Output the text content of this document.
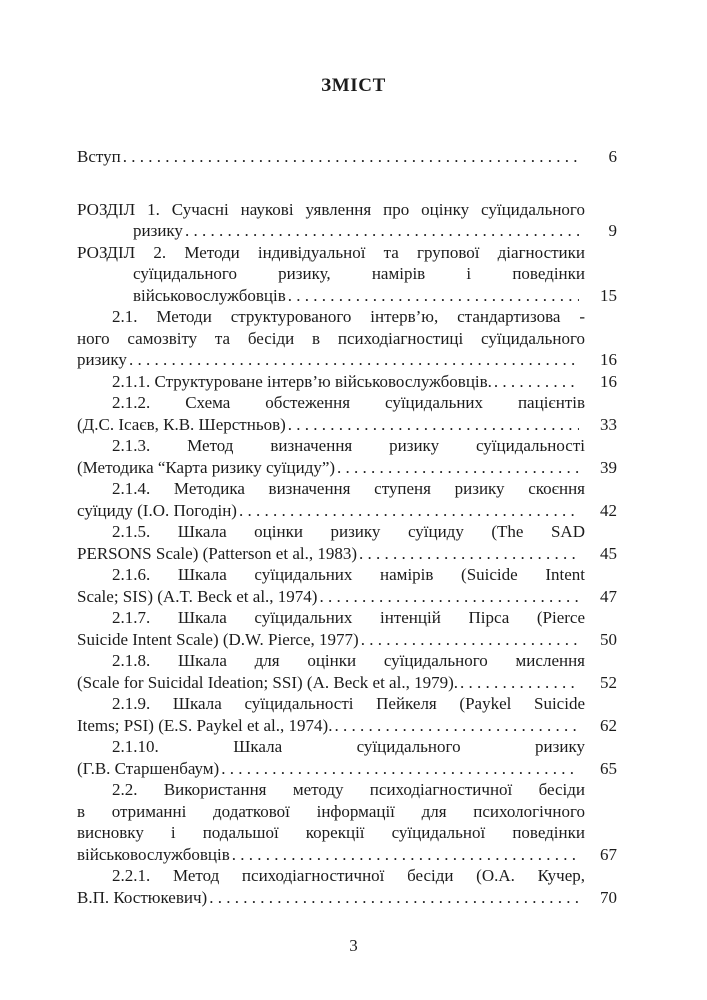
ЗМІСТ
Вступ . . .	6
РОЗДІЛ 1. Сучасні наукові уявлення про оцінку суїцидального
ризику . . .	9
РОЗДІЛ 2. Методи індивідуальної та групової діагностики
суїцидального ризику, намірів і поведінки
військовослужбовців . . .	15
2.1. Методи структурованого інтерв’ю, стандартизова -
ного самозвіту та бесіди в психодіагностиці суїцидального
ризику . . .	16
2.1.1. Структуроване інтерв’ю військовослужбовців. . . .	16
2.1.2. Схема обстеження суїцидальних пацієнтів
(Д.С. Ісаєв, К.В. Шерстньов) . . .	33
2.1.3. Метод визначення ризику суїцидальності
(Методика “Карта ризику суїциду”) . . .	39
2.1.4. Методика визначення ступеня ризику скоєння
суїциду (І.О. Погодін) . . .	42
2.1.5. Шкала оцінки ризику суїциду (The SAD
PERSONS Scale) (Patterson et al., 1983) . . .	45
2.1.6. Шкала суїцидальних намірів (Suicide Intent
Scale; SIS) (A.T. Beck et al., 1974) . . .	47
2.1.7. Шкала суїцидальних інтенцій Пірса (Pierce
Suicide Intent Scale) (D.W. Pierce, 1977) . . .	50
2.1.8. Шкала для оцінки суїцидального мислення
(Scale for Suicidal Ideation; SSI) (A. Beck et al., 1979). . . .	52
2.1.9. Шкала суїцидальності Пейкеля (Paykel Suicide
Items; PSI) (E.S. Paykel et al., 1974). . . .	62
2.1.10. Шкала суїцидального ризику
(Г.В. Старшенбаум) . . .	65
2.2. Використання методу психодіагностичної бесіди
в отриманні додаткової інформації для психологічного
висновку і подальшої корекції суїцидальної поведінки
військовослужбовців . . .	67
2.2.1. Метод психодіагностичної бесіди (О.А. Кучер,
В.П. Костюкевич) . . .	70
3
